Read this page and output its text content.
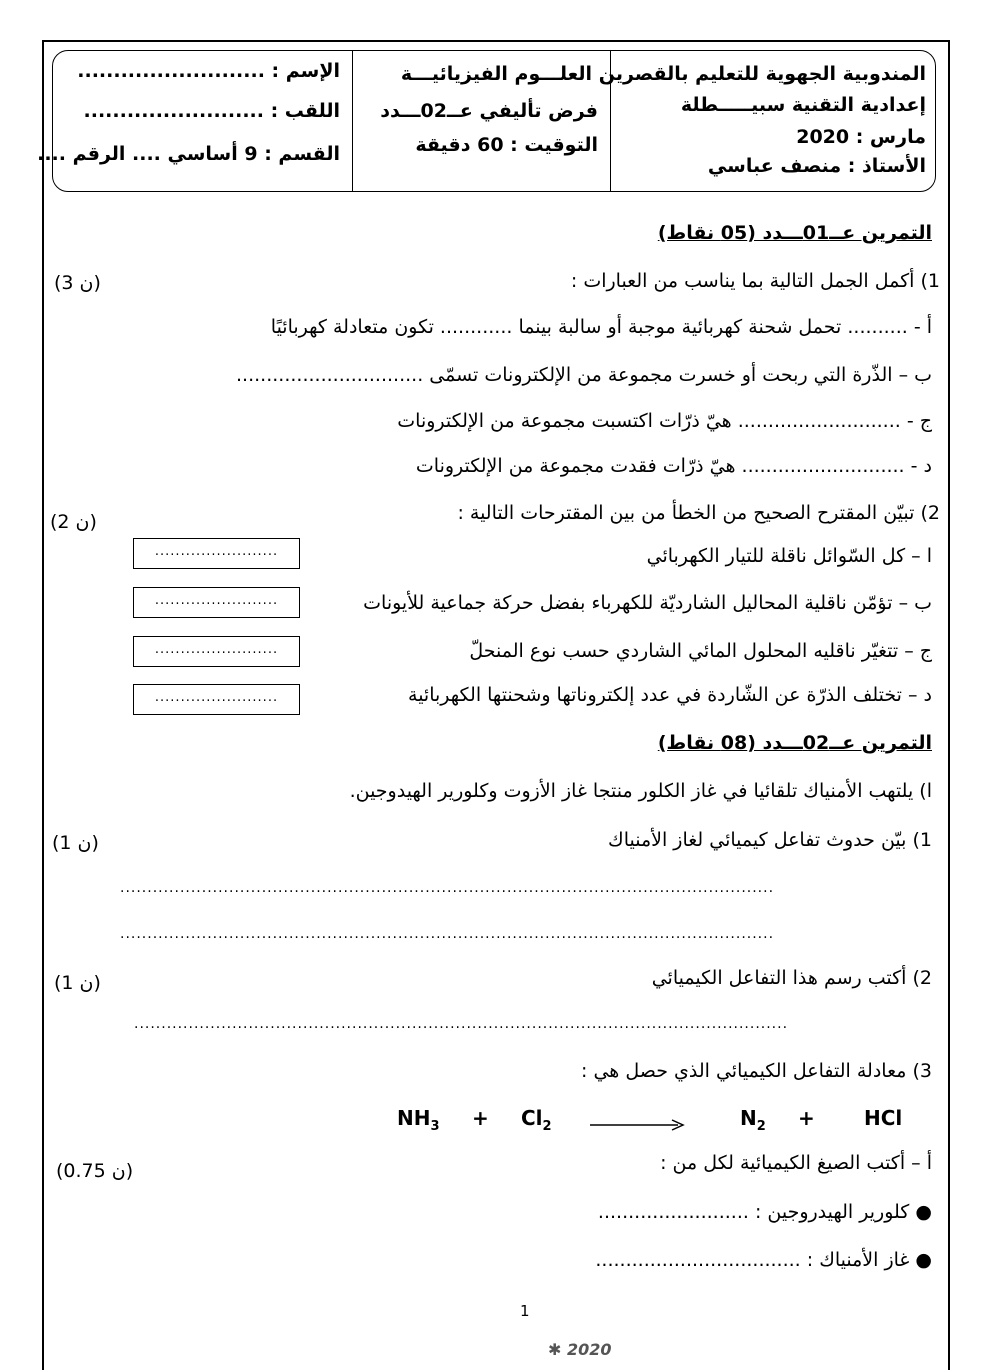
المندوبية الجهوية للتعليم بالقصرين
إعدادية التقنية سبيـــــطلة
مارس : 2020
الأستاذ : منصف عباسي
العلـــوم الفيزيائيـــة
فرض تأليفي عــ02ـــدد
التوقيت : 60 دقيقة
الإسم : ..........................
اللقب : .........................
القسم : 9 أساسي .... الرقم ....
التمرين عــ01ـــدد (05 نقاط)
1) أكمل الجمل التالية بما يناسب من العبارات :
(3 ن)
أ - .......... تحمل شحنة كهربائية موجبة أو سالبة بينما ............ تكون متعادلة كهربائيًا
ب – الذّرة التي ربحت أو خسرت مجموعة من الإلكترونات تسمّى ...............................
ج - ........................... هيّ ذرّات اكتسبت مجموعة من الإلكترونات
د - ........................... هيّ ذرّات فقدت مجموعة من الإلكترونات
2) تبيّن المقترح الصحيح من الخطأ من بين المقترحات التالية :
(2 ن)
ا – كل السّوائل ناقلة للتيار الكهربائي
........................
ب – تؤمّن ناقلية المحاليل الشارديّة للكهرباء بفضل حركة جماعية للأيونات
........................
ج – تتغيّر ناقليه المحلول المائي الشاردي حسب نوع المنحلّ
........................
د – تختلف الذرّة عن الشّاردة في عدد إلكتروناتها وشحنتها الكهربائية
........................
التمرين عــ02ـــدد (08 نقاط)
ا) يلتهب الأمنياك تلقائيا في غاز الكلور منتجا غاز الأزوت وكلورير الهيدوجين.
1) بيّن حدوث تفاعل كيميائي لغاز الأمنياك
(1 ن)
........................................................................................................................
........................................................................................................................
2) أكتب رسم هذا التفاعل الكيميائي
(1 ن)
........................................................................................................................
3) معادلة التفاعل الكيميائي الذي حصل هي :
$NH_3 + Cl_2$	$N_2$ + HCl
أ – أكتب الصيغ الكيميائية لكل من :
(0.75 ن)
● كلورير الهيدروجين : .........................
● غاز الأمنياك : ..................................
1
✱ 2020
